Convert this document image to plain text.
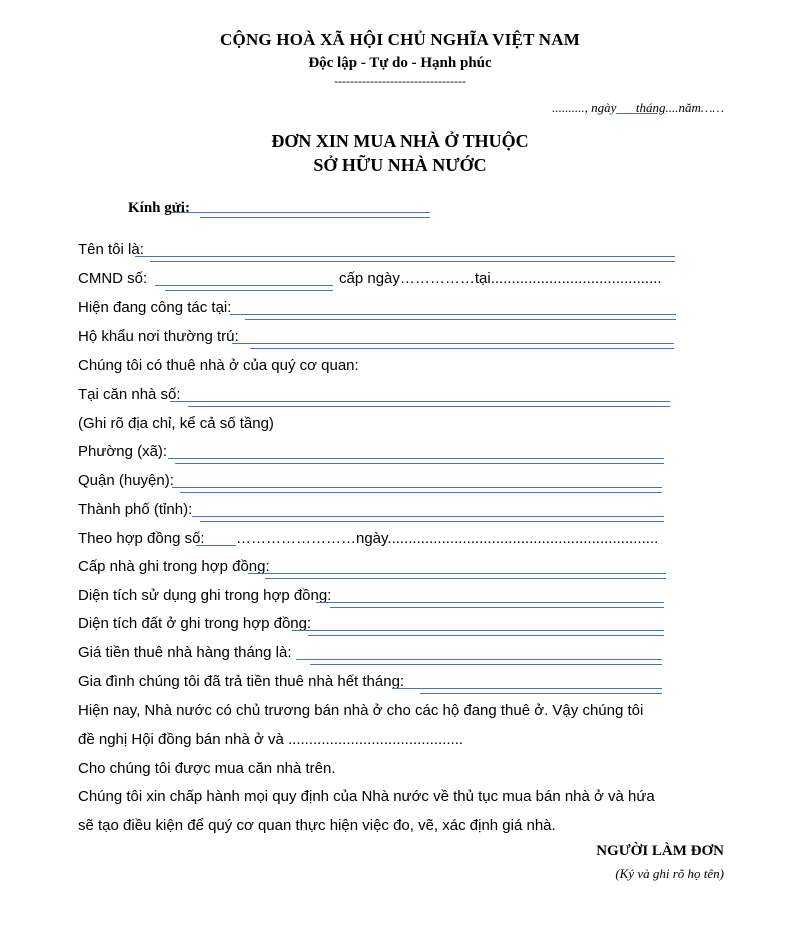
CỘNG HOÀ XÃ HỘI CHỦ NGHĨA VIỆT NAM
Độc lập - Tự do - Hạnh phúc
---------------------------------
.........., ngày tháng....năm……
ĐƠN XIN MUA NHÀ Ở THUỘC
SỞ HỮU NHÀ NƯỚC
Kính gửi:
Tên tôi là:
CMND số:	cấp ngày……………tại.........................................
Hiện đang công tác tại:
Hộ khẩu nơi thường trú:
Chúng tôi có thuê nhà ở của quý cơ quan:
Tại căn nhà số:
(Ghi rõ địa chỉ, kể cả số tầng)
Phường (xã):
Quận (huyện):
Thành phố (tỉnh):
Theo hợp đồng số: ……………………ngày.................................................................
Cấp nhà ghi trong hợp đồng:
Diện tích sử dụng ghi trong hợp đồng:
Diện tích đất ở ghi trong hợp đồng:
Giá tiền thuê nhà hàng tháng là:
Gia đình chúng tôi đã trả tiền thuê nhà hết tháng:
Hiện nay, Nhà nước có chủ trương bán nhà ở cho các hộ đang thuê ở. Vậy chúng tôi
đề nghị Hội đồng bán nhà ở và ..........................................
Cho chúng tôi được mua căn nhà trên.
Chúng tôi xin chấp hành mọi quy định của Nhà nước về thủ tục mua bán nhà ở và hứa
sẽ tạo điều kiện để quý cơ quan thực hiện việc đo, vẽ, xác định giá nhà.
NGƯỜI LÀM ĐƠN
(Ký và ghi rõ họ tên)
